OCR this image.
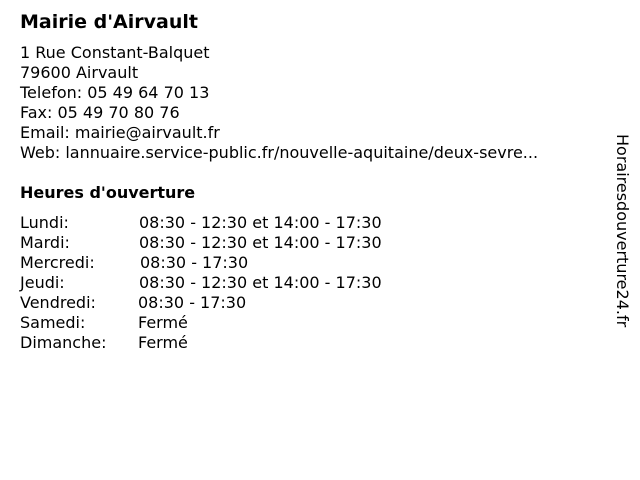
Mairie d'Airvault
1 Rue Constant-Balquet
79600 Airvault
Telefon: 05 49 64 70 13
Fax: 05 49 70 80 76
Email: mairie@airvault.fr
Web: lannuaire.service-public.fr/nouvelle-aquitaine/deux-sevre...
Heures d'ouverture
Lundi:	08:30 - 12:30 et 14:00 - 17:30
Mardi:	08:30 - 12:30 et 14:00 - 17:30
Mercredi:	08:30 - 17:30
Jeudi:	08:30 - 12:30 et 14:00 - 17:30
Vendredi:	08:30 - 17:30
Samedi:	Fermé
Dimanche: Fermé
Horairesdouverture24.fr
